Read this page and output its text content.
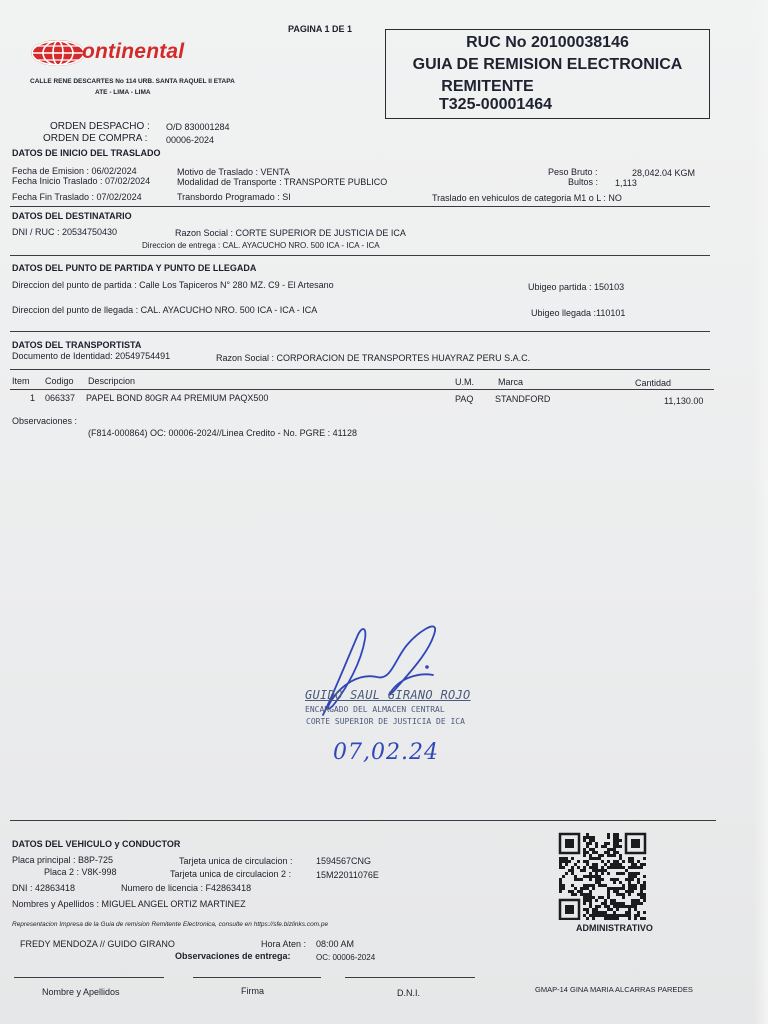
PAGINA 1 DE 1
ontinental
CALLE RENE DESCARTES No 114 URB. SANTA RAQUEL II ETAPA
ATE - LIMA - LIMA
RUC No 20100038146
GUIA DE REMISION ELECTRONICA
REMITENTE
T325-00001464
ORDEN DESPACHO : O/D 830001284
ORDEN DE COMPRA : 00006-2024
DATOS DE INICIO DEL TRASLADO
Fecha de Emision : 06/02/2024
Fecha Inicio Traslado : 07/02/2024
Fecha Fin Traslado : 07/02/2024
Motivo de Traslado : VENTA
Modalidad de Transporte : TRANSPORTE PUBLICO
Transbordo Programado : SI
Peso Bruto :	28,042.04 KGM
Bultos : 1,113
Traslado en vehiculos de categoria M1 o L : NO
DATOS DEL DESTINATARIO
DNI / RUC : 20534750430	Razon Social : CORTE SUPERIOR DE JUSTICIA DE ICA
Direccion de entrega : CAL. AYACUCHO NRO. 500 ICA - ICA - ICA
DATOS DEL PUNTO DE PARTIDA Y PUNTO DE LLEGADA
Direccion del punto de partida : Calle Los Tapiceros N° 280 MZ. C9 - El Artesano	Ubigeo partida : 150103
Direccion del punto de llegada : CAL. AYACUCHO NRO. 500 ICA - ICA - ICA	Ubigeo llegada :110101
DATOS DEL TRANSPORTISTA
Documento de Identidad: 20549754491	Razon Social : CORPORACION DE TRANSPORTES HUAYRAZ PERU S.A.C.
Item Codigo Descripcion	U.M.	Marca	Cantidad
1 066337 PAPEL BOND 80GR A4 PREMIUM PAQX500	PAQ STANDFORD	11,130.00
Observaciones :
(F814-000864) OC: 00006-2024//Linea Credito - No. PGRE : 41128
GUIDO SAUL GIRANO ROJO
ENCARGADO DEL ALMACEN CENTRAL
CORTE SUPERIOR DE JUSTICIA DE ICA
07,02.24
DATOS DEL VEHICULO y CONDUCTOR
Placa principal : B8P-725
Placa 2 : V8K-998
Tarjeta unica de circulacion :	1594567CNG
Tarjeta unica de circulacion 2 :	15M22011076E
DNI : 42863418	Numero de licencia : F42863418
Nombres y Apellidos : MIGUEL ANGEL ORTIZ MARTINEZ
Representacion Impresa de la Guia de remision Remitente Electronica, consulte en https://sfe.bizlinks.com.pe	ADMINISTRATIVO
FREDY MENDOZA // GUIDO GIRANO	Hora Aten : 08:00 AM
Observaciones de entrega:	OC: 00006-2024
Nombre y Apellidos	Firma	D.N.I.	GMAP-14 GINA MARIA ALCARRAS PAREDES
